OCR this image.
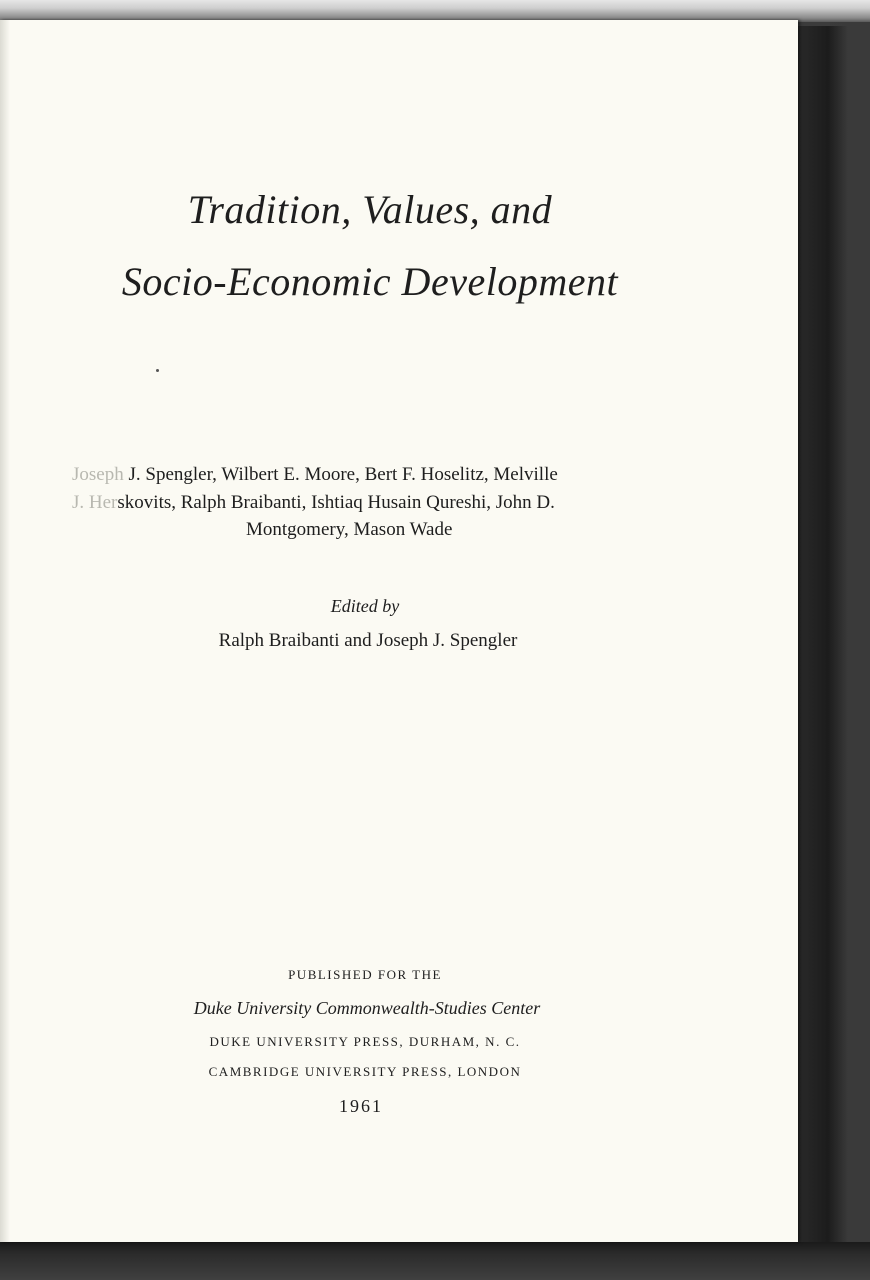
Tradition, Values, and
Socio-Economic Development
Joseph J. Spengler, Wilbert E. Moore, Bert F. Hoselitz, Melville
J. Herskovits, Ralph Braibanti, Ishtiaq Husain Qureshi, John D.
Montgomery, Mason Wade
Edited by
Ralph Braibanti and Joseph J. Spengler
PUBLISHED FOR THE
Duke University Commonwealth-Studies Center
DUKE UNIVERSITY PRESS, DURHAM, N. C.
CAMBRIDGE UNIVERSITY PRESS, LONDON
1961
